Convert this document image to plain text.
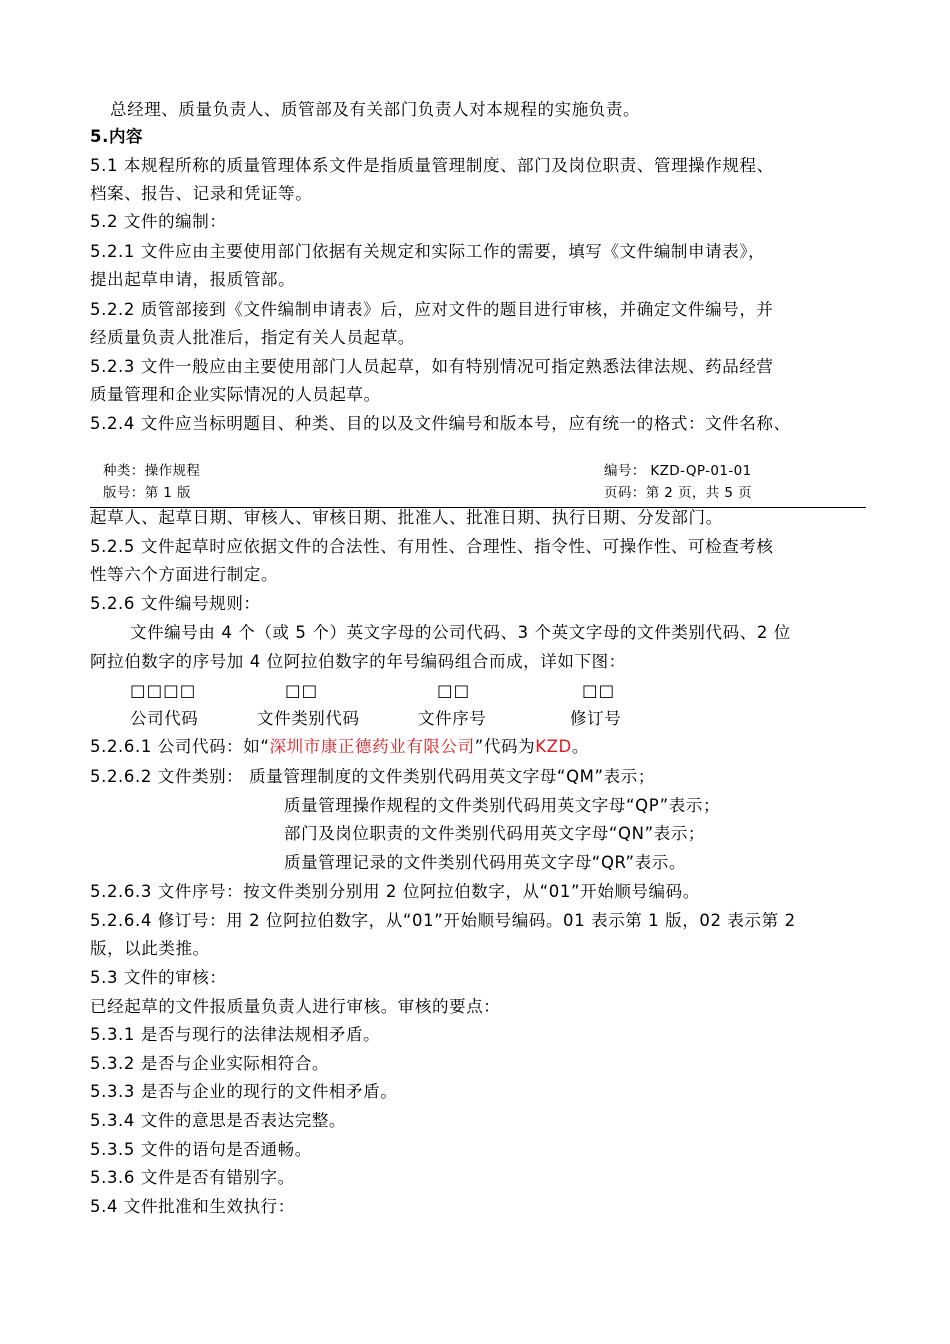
总经理、质量负责人、质管部及有关部门负责人对本规程的实施负责。
5.内容
5.1 本规程所称的质量管理体系文件是指质量管理制度、部门及岗位职责、管理操作规程、
档案、报告、记录和凭证等。
5.2 文件的编制：
5.2.1 文件应由主要使用部门依据有关规定和实际工作的需要，填写《文件编制申请表》，
提出起草申请，报质管部。
5.2.2 质管部接到《文件编制申请表》后，应对文件的题目进行审核，并确定文件编号，并
经质量负责人批准后，指定有关人员起草。
5.2.3 文件一般应由主要使用部门人员起草，如有特别情况可指定熟悉法律法规、药品经营
质量管理和企业实际情况的人员起草。
5.2.4 文件应当标明题目、种类、目的以及文件编号和版本号，应有统一的格式：文件名称、
种类：操作规程	编号： KZD-QP-01-01
版号：第 1 版	页码：第 2 页，共 5 页
起草人、起草日期、审核人、审核日期、批准人、批准日期、执行日期、分发部门。
5.2.5 文件起草时应依据文件的合法性、有用性、合理性、指令性、可操作性、可检查考核
性等六个方面进行制定。
5.2.6 文件编号规则：
文件编号由 4 个（或 5 个）英文字母的公司代码、3 个英文字母的文件类别代码、2 位
阿拉伯数字的序号加 4 位阿拉伯数字的年号编码组合而成，详如下图：
□□□□	□□	□□	□□
公司代码	文件类别代码	文件序号	修订号
5.2.6.1 公司代码：如“深圳市康正德药业有限公司”代码为KZD。
5.2.6.2 文件类别： 质量管理制度的文件类别代码用英文字母“QM”表示；
质量管理操作规程的文件类别代码用英文字母“QP”表示；
部门及岗位职责的文件类别代码用英文字母“QN”表示；
质量管理记录的文件类别代码用英文字母“QR”表示。
5.2.6.3 文件序号：按文件类别分别用 2 位阿拉伯数字，从“01”开始顺号编码。
5.2.6.4 修订号：用 2 位阿拉伯数字，从“01”开始顺号编码。01 表示第 1 版，02 表示第 2
版，以此类推。
5.3 文件的审核：
已经起草的文件报质量负责人进行审核。审核的要点：
5.3.1 是否与现行的法律法规相矛盾。
5.3.2 是否与企业实际相符合。
5.3.3 是否与企业的现行的文件相矛盾。
5.3.4 文件的意思是否表达完整。
5.3.5 文件的语句是否通畅。
5.3.6 文件是否有错别字。
5.4 文件批准和生效执行：
